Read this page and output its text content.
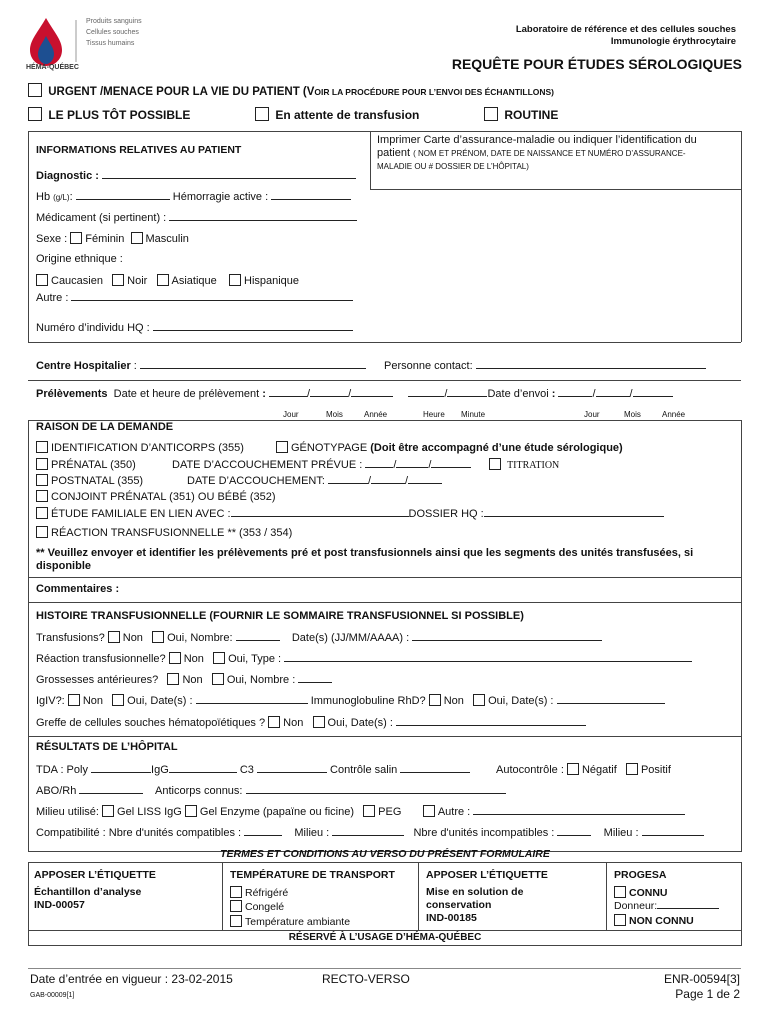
Produits sanguins
Cellules souches
Tissus humains
HÉMA-QUÉBEC
Laboratoire de référence et des cellules souches
Immunologie érythrocytaire
REQUÊTE POUR ÉTUDES SÉROLOGIQUES
URGENT /MENACE POUR LA VIE DU PATIENT (VOIR LA PROCÉDURE POUR L’ENVOI DES ÉCHANTILLONS)
LE PLUS TÔT POSSIBLE	En attente de transfusion	ROUTINE
INFORMATIONS RELATIVES AU PATIENT
Imprimer Carte d’assurance-maladie ou indiquer l’identification du
patient ( NOM ET PRÉNOM, DATE DE NAISSANCE ET NUMÉRO D’ASSURANCE-
MALADIE OU # DOSSIER DE L’HÔPITAL)
Diagnostic :
Hb (g/L):	Hémorragie active :
Médicament (si pertinent) :
Sexe : Féminin Masculin
Origine ethnique :
Caucasien Noir Asiatique Hispanique
Autre :
Numéro d’individu HQ :
Centre Hospitalier :	Personne contact:
Prélèvements Date et heure de prélèvement :	/	/	/	Date d’envoi :	/	/
Jour	Mois	Année	Heure Minute	Jour	Mois	Année
RAISON DE LA DEMANDE
IDENTIFICATION D’ANTICORPS (355)	GÉNOTYPAGE (Doit être accompagné d’une étude sérologique)
PRÉNATAL (350)	DATE D’ACCOUCHEMENT PRÉVUE :	/	/	TITRATION
POSTNATAL (355)	DATE D’ACCOUCHEMENT:	/	/
CONJOINT PRÉNATAL (351) OU BÉBÉ (352)
ÉTUDE FAMILIALE EN LIEN AVEC :	DOSSIER HQ :
RÉACTION TRANSFUSIONNELLE ** (353 / 354)
** Veuillez envoyer et identifier les prélèvements pré et post transfusionnels ainsi que les segments des unités transfusées, si
disponible
Commentaires :
HISTOIRE TRANSFUSIONNELLE (FOURNIR LE SOMMAIRE TRANSFUSIONNEL SI POSSIBLE)
Transfusions? Non Oui, Nombre:	Date(s) (JJ/MM/AAAA) :
Réaction transfusionnelle? Non Oui, Type :
Grossesses antérieures? Non Oui, Nombre :
IgIV?: Non Oui, Date(s) :	Immunoglobuline RhD? Non Oui, Date(s) :
Greffe de cellules souches hématopoïétiques ? Non Oui, Date(s) :
RÉSULTATS DE L’HÔPITAL
TDA : Poly	IgG	C3	Contrôle salin	Autocontrôle : Négatif Positif
ABO/Rh	Anticorps connus:
Milieu utilisé: Gel LISS IgG Gel Enzyme (papaïne ou ficine) PEG	Autre :
Compatibilité : Nbre d'unités compatibles :	Milieu :	Nbre d'unités incompatibles :	Milieu :
TERMES ET CONDITIONS AU VERSO DU PRÉSENT FORMULAIRE
APPOSER L’ÉTIQUETTE
Échantillon d’analyse
IND-00057
TEMPÉRATURE DE TRANSPORT
Réfrigéré
Congelé
Température ambiante
APPOSER L’ÉTIQUETTE
Mise en solution de
conservation
IND-00185
PROGESA
CONNU
Donneur:
NON CONNU
RÉSERVÉ À L’USAGE D’HÉMA-QUÉBEC
Date d’entrée en vigueur : 23-02-2015	RECTO-VERSO	ENR-00594[3]
Page 1 de 2
GAB-00009[1]
